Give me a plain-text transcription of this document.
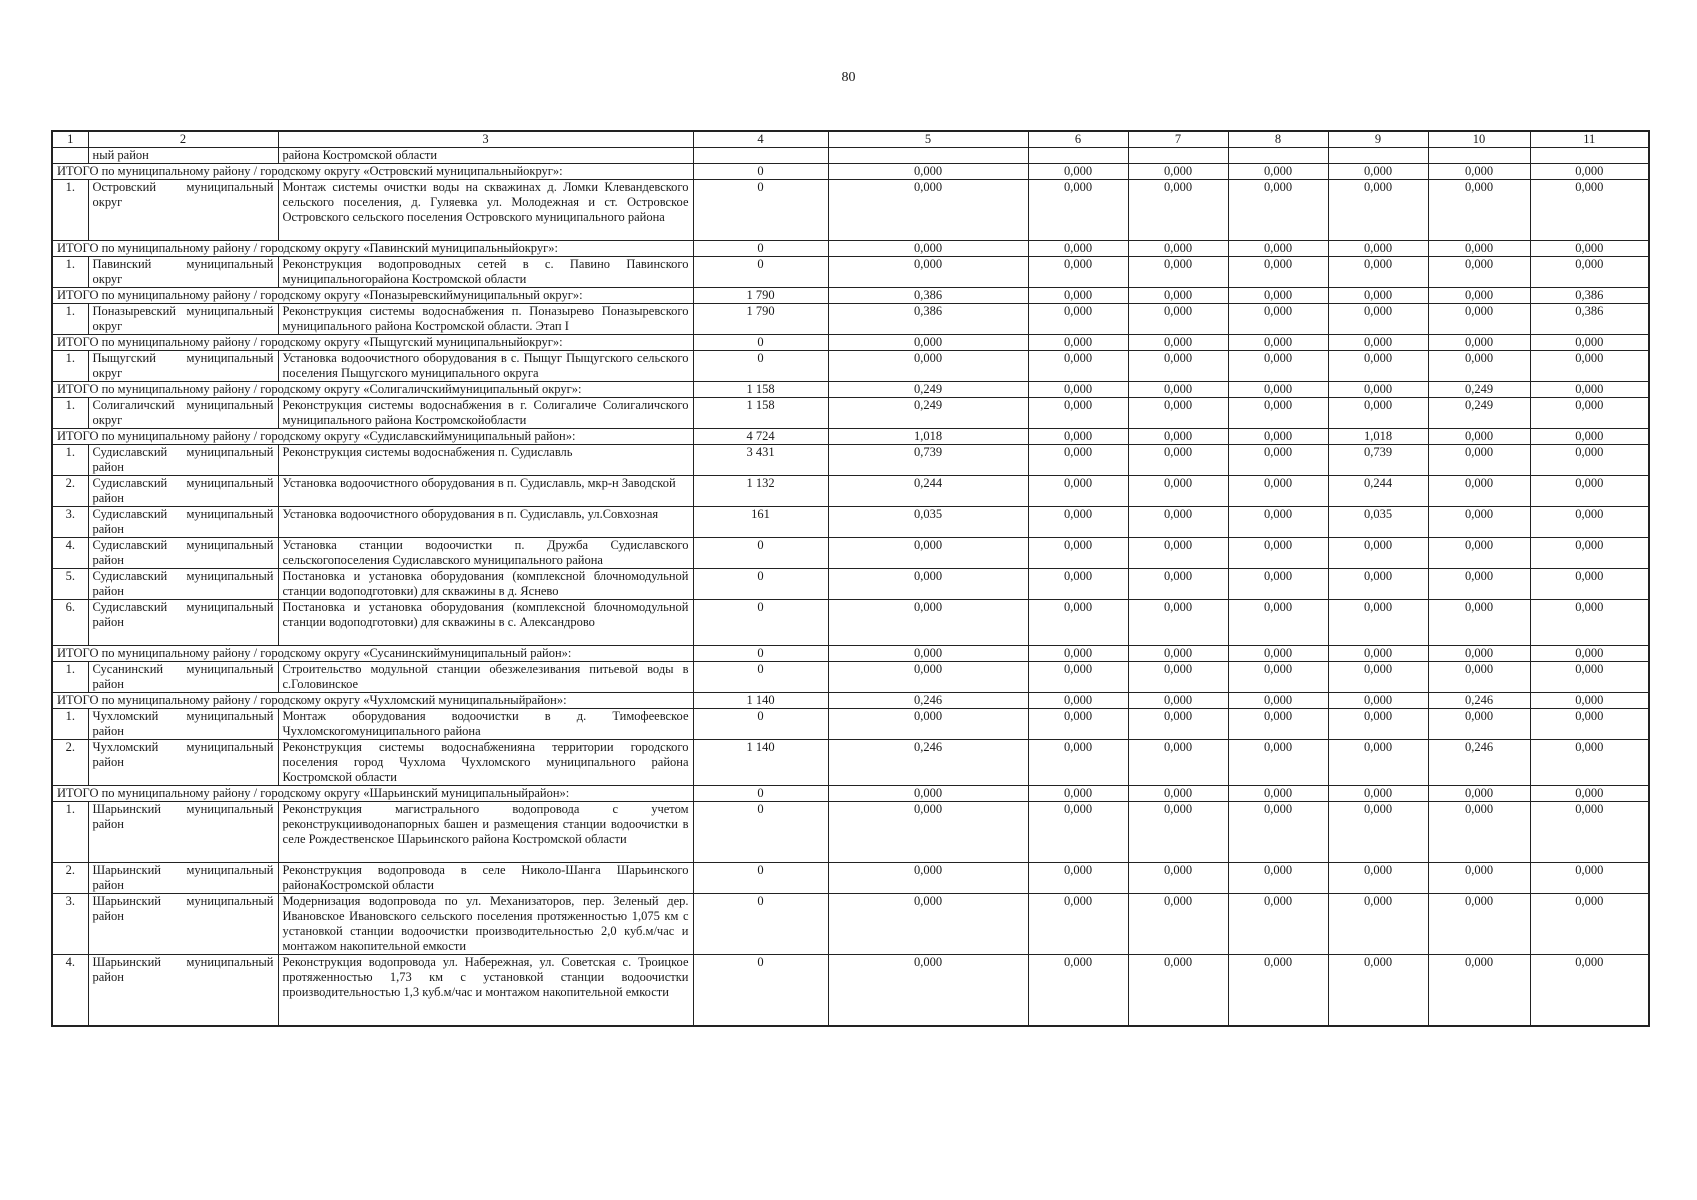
80
1	2	3	4	5	6	7	8	9	10	11
	ный район	района Костромской области								
ИТОГО по муниципальному району / городскому округу «Островский муниципальныйокруг»:			0	0,000	0,000	0,000	0,000	0,000	0,000	0,000
1.	Островский муниципальный округ	Монтаж системы очистки воды на скважинах д. Ломки Клевандевского сельского поселения, д. Гуляевка ул. Молодежная и ст. Островское Островского сельского поселения Островского муниципального района	0	0,000	0,000	0,000	0,000	0,000	0,000	0,000
ИТОГО по муниципальному району / городскому округу «Павинский муниципальныйокруг»:			0	0,000	0,000	0,000	0,000	0,000	0,000	0,000
1.	Павинский муниципальный округ	Реконструкция водопроводных сетей в с. Павино Павинского муниципальногорайона Костромской области	0	0,000	0,000	0,000	0,000	0,000	0,000	0,000
ИТОГО по муниципальному району / городскому округу «Поназыревскиймуниципальный округ»:			1 790	0,386	0,000	0,000	0,000	0,000	0,000	0,386
1.	Поназыревский муниципальный округ	Реконструкция системы водоснабжения п. Поназырево Поназыревского муниципального района Костромской области. Этап I	1 790	0,386	0,000	0,000	0,000	0,000	0,000	0,386
ИТОГО по муниципальному району / городскому округу «Пыщугский муниципальныйокруг»:			0	0,000	0,000	0,000	0,000	0,000	0,000	0,000
1.	Пыщугский муниципальный округ	Установка водоочистного оборудования в с. Пыщуг Пыщугского сельского поселения Пыщугского муниципального округа	0	0,000	0,000	0,000	0,000	0,000	0,000	0,000
ИТОГО по муниципальному району / городскому округу «Солигаличскиймуниципальный округ»:			1 158	0,249	0,000	0,000	0,000	0,000	0,249	0,000
1.	Солигаличский муниципальный округ	Реконструкция системы водоснабжения в г. Солигаличе Солигаличского муниципального района Костромскойобласти	1 158	0,249	0,000	0,000	0,000	0,000	0,249	0,000
ИТОГО по муниципальному району / городскому округу «Судиславскиймуниципальный район»:			4 724	1,018	0,000	0,000	0,000	1,018	0,000	0,000
1.	Судиславский муниципальный район	Реконструкция системы водоснабжения п. Судиславль	3 431	0,739	0,000	0,000	0,000	0,739	0,000	0,000
2.	Судиславский муниципальный район	Установка водоочистного оборудования в п. Судиславль, мкр-н Заводской	1 132	0,244	0,000	0,000	0,000	0,244	0,000	0,000
3.	Судиславский муниципальный район	Установка водоочистного оборудования в п. Судиславль, ул.Совхозная	161	0,035	0,000	0,000	0,000	0,035	0,000	0,000
4.	Судиславский муниципальный район	Установка станции водоочистки п. Дружба Судиславского сельскогопоселения Судиславского муниципального района	0	0,000	0,000	0,000	0,000	0,000	0,000	0,000
5.	Судиславский муниципальный район	Постановка и установка оборудования (комплексной блочномодульной станции водоподготовки) для скважины в д. Яснево	0	0,000	0,000	0,000	0,000	0,000	0,000	0,000
6.	Судиславский муниципальный район	Постановка и установка оборудования (комплексной блочномодульной станции водоподготовки) для скважины в с. Александрово	0	0,000	0,000	0,000	0,000	0,000	0,000	0,000
ИТОГО по муниципальному району / городскому округу «Сусанинскиймуниципальный район»:			0	0,000	0,000	0,000	0,000	0,000	0,000	0,000
1.	Сусанинский муниципальный район	Строительство модульной станции обезжелезивания питьевой воды в с.Головинское	0	0,000	0,000	0,000	0,000	0,000	0,000	0,000
ИТОГО по муниципальному району / городскому округу «Чухломский муниципальныйрайон»:			1 140	0,246	0,000	0,000	0,000	0,000	0,246	0,000
1.	Чухломский муниципальный район	Монтаж оборудования водоочистки в д. Тимофеевское Чухломскогомуниципального района	0	0,000	0,000	0,000	0,000	0,000	0,000	0,000
2.	Чухломский муниципальный район	Реконструкция системы водоснабженияна территории городского поселения город Чухлома Чухломского муниципального района Костромской области	1 140	0,246	0,000	0,000	0,000	0,000	0,246	0,000
ИТОГО по муниципальному району / городскому округу «Шарьинский муниципальныйрайон»:			0	0,000	0,000	0,000	0,000	0,000	0,000	0,000
1.	Шарьинский муниципальный район	Реконструкция магистрального водопровода с учетом реконструкцииводонапорных башен и размещения станции водоочистки в селе Рождественское Шарьинского района Костромской области	0	0,000	0,000	0,000	0,000	0,000	0,000	0,000
2.	Шарьинский муниципальный район	Реконструкция водопровода в селе Николо-Шанга Шарьинского районаКостромской области	0	0,000	0,000	0,000	0,000	0,000	0,000	0,000
3.	Шарьинский муниципальный район	Модернизация водопровода по ул. Механизаторов, пер. Зеленый дер. Ивановское Ивановского сельского поселения протяженностью 1,075 км с установкой станции водоочистки производительностью 2,0 куб.м/час и монтажом накопительной емкости	0	0,000	0,000	0,000	0,000	0,000	0,000	0,000
4.	Шарьинский муниципальный район	Реконструкция водопровода ул. Набережная, ул. Советская с. Троицкое протяженностью 1,73 км с установкой станции водоочистки производительностью 1,3 куб.м/час и монтажом накопительной емкости	0	0,000	0,000	0,000	0,000	0,000	0,000	0,000
